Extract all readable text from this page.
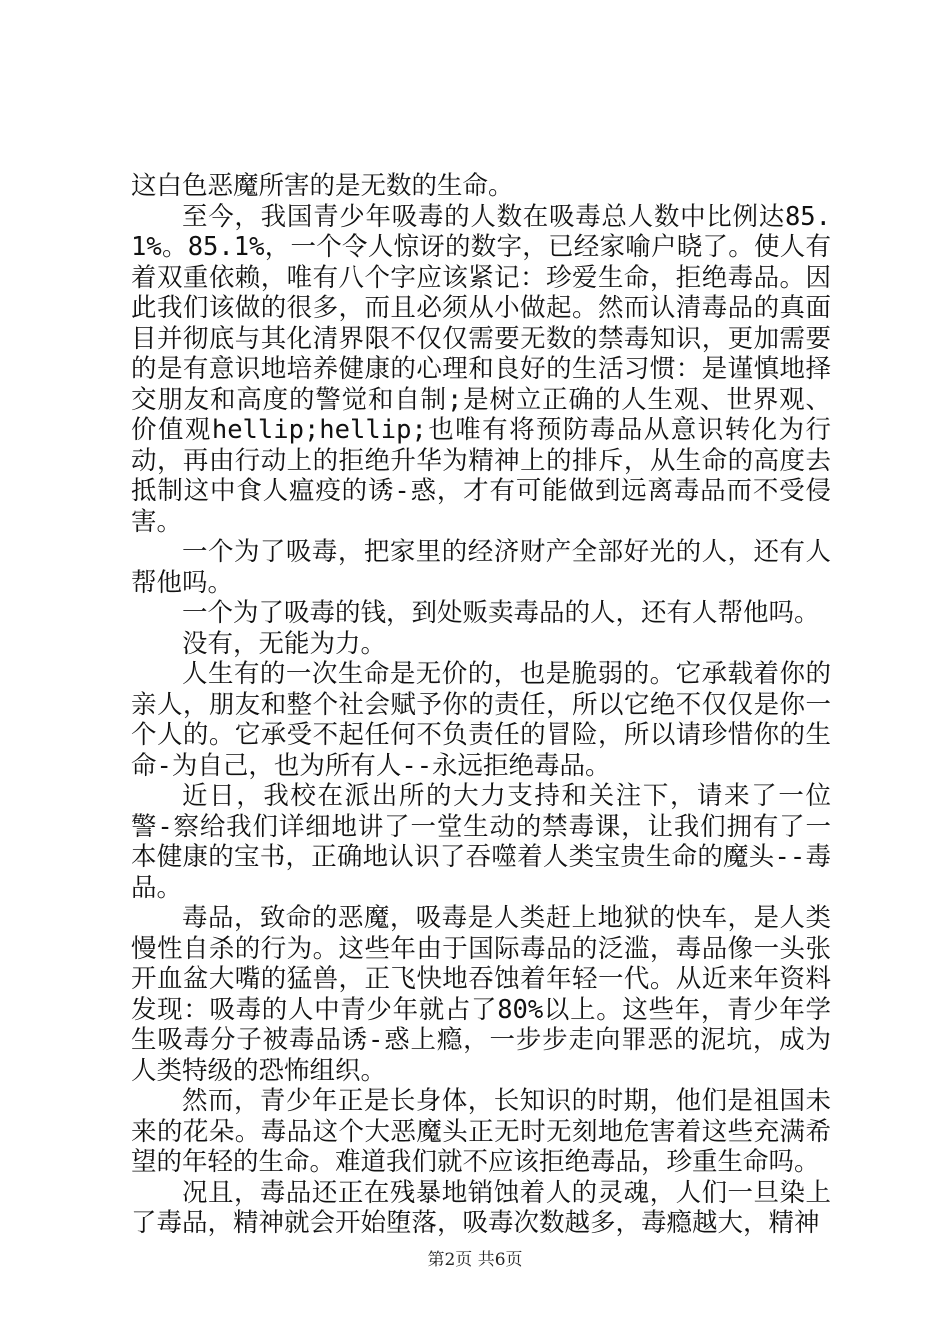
这白色恶魔所害的是无数的生命。

至今，我国青少年吸毒的人数在吸毒总人数中比例达85.1%。85.1%，一个令人惊讶的数字，已经家喻户晓了。使人有着双重依赖，唯有八个字应该紧记：珍爱生命，拒绝毒品。因此我们该做的很多，而且必须从小做起。然而认清毒品的真面目并彻底与其化清界限不仅仅需要无数的禁毒知识，更加需要的是有意识地培养健康的心理和良好的生活习惯：是谨慎地择交朋友和高度的警觉和自制;是树立正确的人生观、世界观、价值观hellip;hellip;也唯有将预防毒品从意识转化为行动，再由行动上的拒绝升华为精神上的排斥，从生命的高度去抵制这中食人瘟疫的诱-惑，才有可能做到远离毒品而不受侵害。

一个为了吸毒，把家里的经济财产全部好光的人，还有人帮他吗。

一个为了吸毒的钱，到处贩卖毒品的人，还有人帮他吗。

没有，无能为力。

人生有的一次生命是无价的，也是脆弱的。它承载着你的亲人，朋友和整个社会赋予你的责任，所以它绝不仅仅是你一个人的。它承受不起任何不负责任的冒险，所以请珍惜你的生命-为自己，也为所有人--永远拒绝毒品。

近日，我校在派出所的大力支持和关注下，请来了一位警-察给我们详细地讲了一堂生动的禁毒课，让我们拥有了一本健康的宝书，正确地认识了吞噬着人类宝贵生命的魔头--毒品。

毒品，致命的恶魔，吸毒是人类赶上地狱的快车，是人类慢性自杀的行为。这些年由于国际毒品的泛滥，毒品像一头张开血盆大嘴的猛兽，正飞快地吞蚀着年轻一代。从近来年资料发现：吸毒的人中青少年就占了80%以上。这些年，青少年学生吸毒分子被毒品诱-惑上瘾，一步步走向罪恶的泥坑，成为人类特级的恐怖组织。

然而，青少年正是长身体，长知识的时期，他们是祖国未来的花朵。毒品这个大恶魔头正无时无刻地危害着这些充满希望的年轻的生命。难道我们就不应该拒绝毒品，珍重生命吗。

况且，毒品还正在残暴地销蚀着人的灵魂，人们一旦染上了毒品，精神就会开始堕落，吸毒次数越多，毒瘾越大，精神

第2页 共6页
